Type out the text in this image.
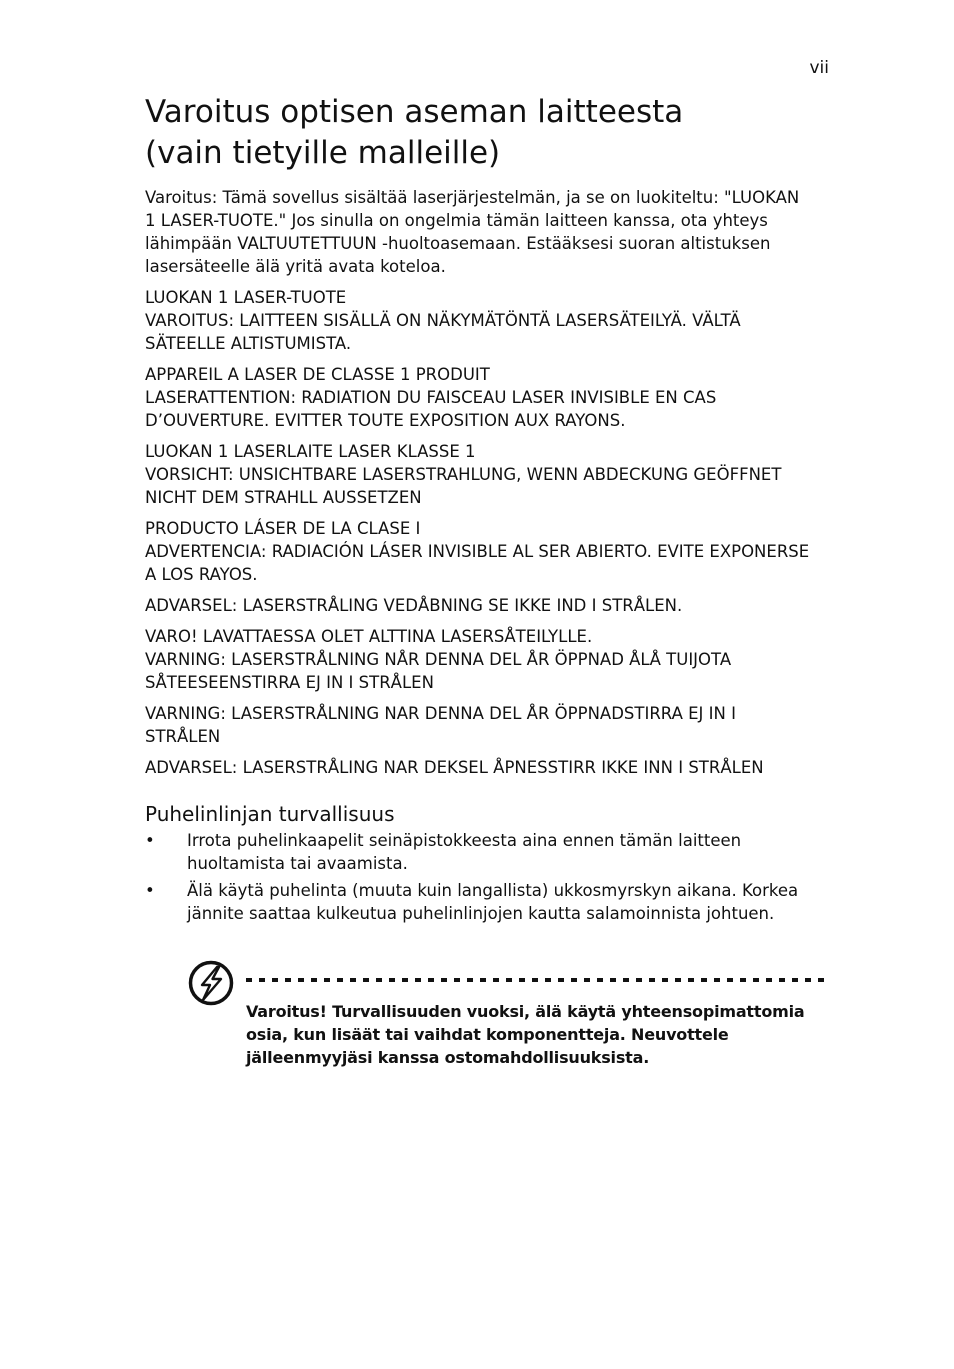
vii
Varoitus optisen aseman laitteesta
(vain tietyille malleille)
Varoitus: Tämä sovellus sisältää laserjärjestelmän, ja se on luokiteltu: "LUOKAN
1 LASER-TUOTE." Jos sinulla on ongelmia tämän laitteen kanssa, ota yhteys
lähimpään VALTUUTETTUUN -huoltoasemaan. Estääksesi suoran altistuksen
lasersäteelle älä yritä avata koteloa.
LUOKAN 1 LASER-TUOTE
VAROITUS: LAITTEEN SISÄLLÄ ON NÄKYMÄTÖNTÄ LASERSÄTEILYÄ. VÄLTÄ
SÄTEELLE ALTISTUMISTA.
APPAREIL A LASER DE CLASSE 1 PRODUIT
LASERATTENTION: RADIATION DU FAISCEAU LASER INVISIBLE EN CAS
D’OUVERTURE. EVITTER TOUTE EXPOSITION AUX RAYONS.
LUOKAN 1 LASERLAITE LASER KLASSE 1
VORSICHT: UNSICHTBARE LASERSTRAHLUNG, WENN ABDECKUNG GEÖFFNET
NICHT DEM STRAHLL AUSSETZEN
PRODUCTO LÁSER DE LA CLASE I
ADVERTENCIA: RADIACIÓN LÁSER INVISIBLE AL SER ABIERTO. EVITE EXPONERSE
A LOS RAYOS.
ADVARSEL: LASERSTRÅLING VEDÅBNING SE IKKE IND I STRÅLEN.
VARO! LAVATTAESSA OLET ALTTINA LASERSÅTEILYLLE.
VARNING: LASERSTRÅLNING NÅR DENNA DEL ÅR ÖPPNAD ÅLÅ TUIJOTA
SÅTEESEENSTIRRA EJ IN I STRÅLEN
VARNING: LASERSTRÅLNING NAR DENNA DEL ÅR ÖPPNADSTIRRA EJ IN I
STRÅLEN
ADVARSEL: LASERSTRÅLING NAR DEKSEL ÅPNESSTIRR IKKE INN I STRÅLEN
Puhelinlinjan turvallisuus
• Irrota puhelinkaapelit seinäpistokkeesta aina ennen tämän laitteen huoltamista tai avaamista.
• Älä käytä puhelinta (muuta kuin langallista) ukkosmyrskyn aikana. Korkea jännite saattaa kulkeutua puhelinlinjojen kautta salamoinnista johtuen.
Varoitus! Turvallisuuden vuoksi, älä käytä yhteensopimattomia
osia, kun lisäät tai vaihdat komponentteja. Neuvottele
jälleenmyyjäsi kanssa ostomahdollisuuksista.
